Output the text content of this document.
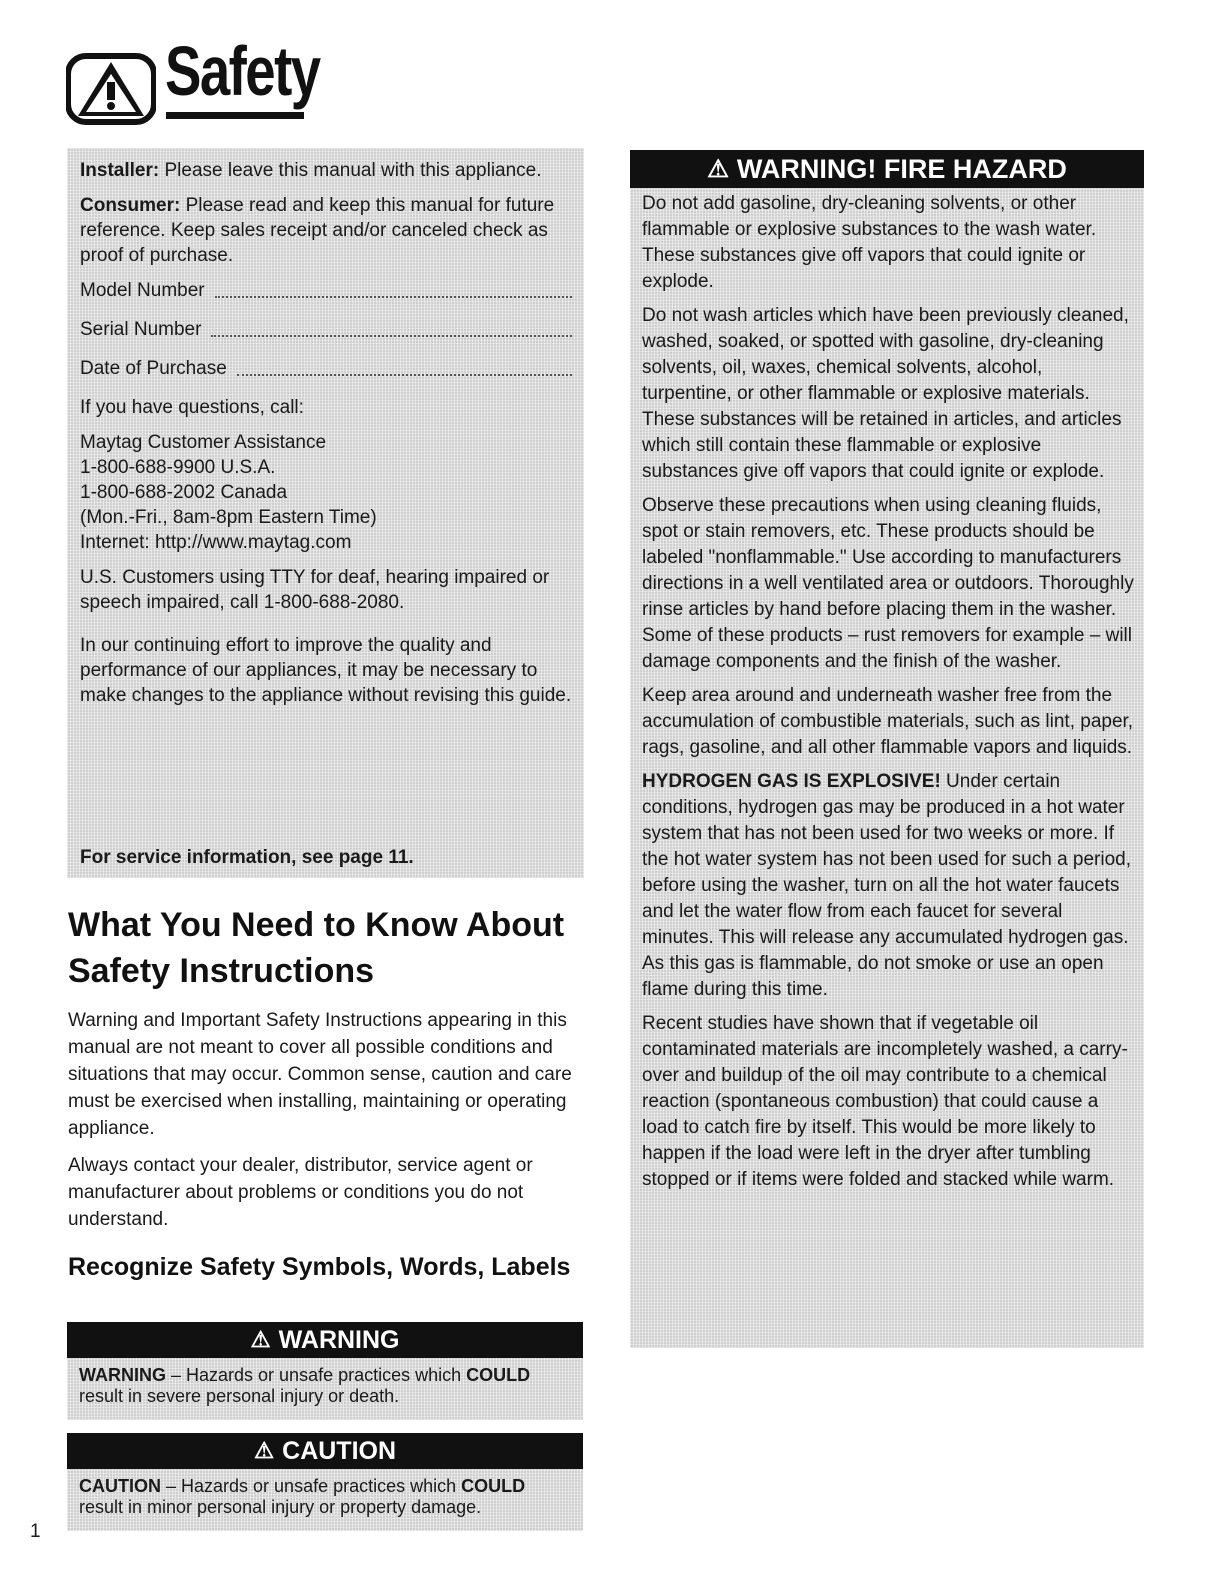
Safety

Installer: Please leave this manual with this appliance.

Consumer: Please read and keep this manual for future reference. Keep sales receipt and/or canceled check as proof of purchase.

Model Number
Serial Number
Date of Purchase

If you have questions, call:

Maytag Customer Assistance
1-800-688-9900 U.S.A.
1-800-688-2002 Canada
(Mon.-Fri., 8am-8pm Eastern Time)
Internet: http://www.maytag.com

U.S. Customers using TTY for deaf, hearing impaired or speech impaired, call 1-800-688-2080.

In our continuing effort to improve the quality and performance of our appliances, it may be necessary to make changes to the appliance without revising this guide.

For service information, see page 11.
What You Need to Know About Safety Instructions

Warning and Important Safety Instructions appearing in this manual are not meant to cover all possible conditions and situations that may occur. Common sense, caution and care must be exercised when installing, maintaining or operating appliance.

Always contact your dealer, distributor, service agent or manufacturer about problems or conditions you do not understand.

Recognize Safety Symbols, Words, Labels
⚠ WARNING
WARNING – Hazards or unsafe practices which COULD result in severe personal injury or death.
⚠ CAUTION
CAUTION – Hazards or unsafe practices which COULD result in minor personal injury or property damage.
⚠ WARNING! FIRE HAZARD

Do not add gasoline, dry-cleaning solvents, or other flammable or explosive substances to the wash water. These substances give off vapors that could ignite or explode.

Do not wash articles which have been previously cleaned, washed, soaked, or spotted with gasoline, dry-cleaning solvents, oil, waxes, chemical solvents, alcohol, turpentine, or other flammable or explosive materials. These substances will be retained in articles, and articles which still contain these flammable or explosive substances give off vapors that could ignite or explode.

Observe these precautions when using cleaning fluids, spot or stain removers, etc. These products should be labeled "nonflammable." Use according to manufacturers directions in a well ventilated area or outdoors. Thoroughly rinse articles by hand before placing them in the washer. Some of these products – rust removers for example – will damage components and the finish of the washer.

Keep area around and underneath washer free from the accumulation of combustible materials, such as lint, paper, rags, gasoline, and all other flammable vapors and liquids.

HYDROGEN GAS IS EXPLOSIVE! Under certain conditions, hydrogen gas may be produced in a hot water system that has not been used for two weeks or more. If the hot water system has not been used for such a period, before using the washer, turn on all the hot water faucets and let the water flow from each faucet for several minutes. This will release any accumulated hydrogen gas. As this gas is flammable, do not smoke or use an open flame during this time.

Recent studies have shown that if vegetable oil contaminated materials are incompletely washed, a carry-over and buildup of the oil may contribute to a chemical reaction (spontaneous combustion) that could cause a load to catch fire by itself. This would be more likely to happen if the load were left in the dryer after tumbling stopped or if items were folded and stacked while warm.

1
